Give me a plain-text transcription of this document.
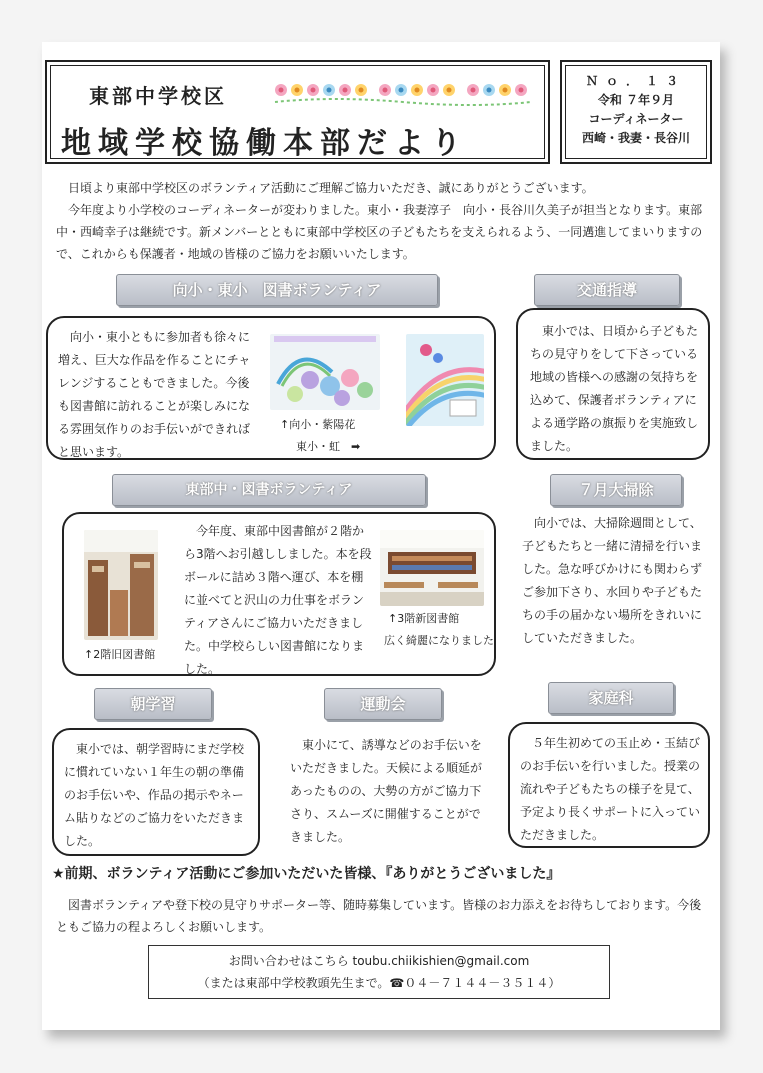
東部中学校区
地域学校協働本部だより
Ｎｏ．１３
令和 ７年９月
コーディネーター
西崎・我妻・長谷川

日頃より東部中学校区のボランティア活動にご理解ご協力いただき、誠にありがとうございます。

今年度より小学校のコーディネーターが変わりました。東小・我妻淳子　向小・長谷川久美子が担当となります。東部中・西崎幸子は継続です。新メンバーとともに東部中学校区の子どもたちを支えられるよう、一同邁進してまいりますので、これからも保護者・地域の皆様のご協力をお願いいたします。

向小・東小　図書ボランティア
向小・東小ともに参加者も徐々に増え、巨大な作品を作ることにチャレンジすることもできました。今後も図書館に訪れることが楽しみになる雰囲気作りのお手伝いができればと思います。
↑向小・紫陽花
東小・虹　➡
交通指導
東小では、日頃から子どもたちの見守りをして下さっている地域の皆様への感謝の気持ちを込めて、保護者ボランティアによる通学路の旗振りを実施致しました。
東部中・図書ボランティア
↑2階旧図書館
今年度、東部中図書館が２階から3階へお引越ししました。本を段ボールに詰め３階へ運び、本を棚に並べてと沢山の力仕事をボランティアさんにご協力いただきました。中学校らしい図書館になりました。
↑3階新図書館
広く綺麗になりました
７月大掃除
向小では、大掃除週間として、子どもたちと一緒に清掃を行いました。急な呼びかけにも関わらずご参加下さり、水回りや子どもたちの手の届かない場所をきれいにしていただきました。
朝学習
東小では、朝学習時にまだ学校に慣れていない１年生の朝の準備のお手伝いや、作品の掲示やネーム貼りなどのご協力をいただきました。
運動会
東小にて、誘導などのお手伝いをいただきました。天候による順延があったものの、大勢の方がご協力下さり、スムーズに開催することができました。
家庭科
５年生初めての玉止め・玉結びのお手伝いを行いました。授業の流れや子どもたちの様子を見て、予定より長くサポートに入っていただきました。
★前期、ボランティア活動にご参加いただいた皆様、『ありがとうございました』
図書ボランティアや登下校の見守りサポーター等、随時募集しています。皆様のお力添えをお待ちしております。今後ともご協力の程よろしくお願いします。
お問い合わせはこちら toubu.chiikishien@gmail.com
（または東部中学校教頭先生まで。☎０４－７１４４－３５１４）
